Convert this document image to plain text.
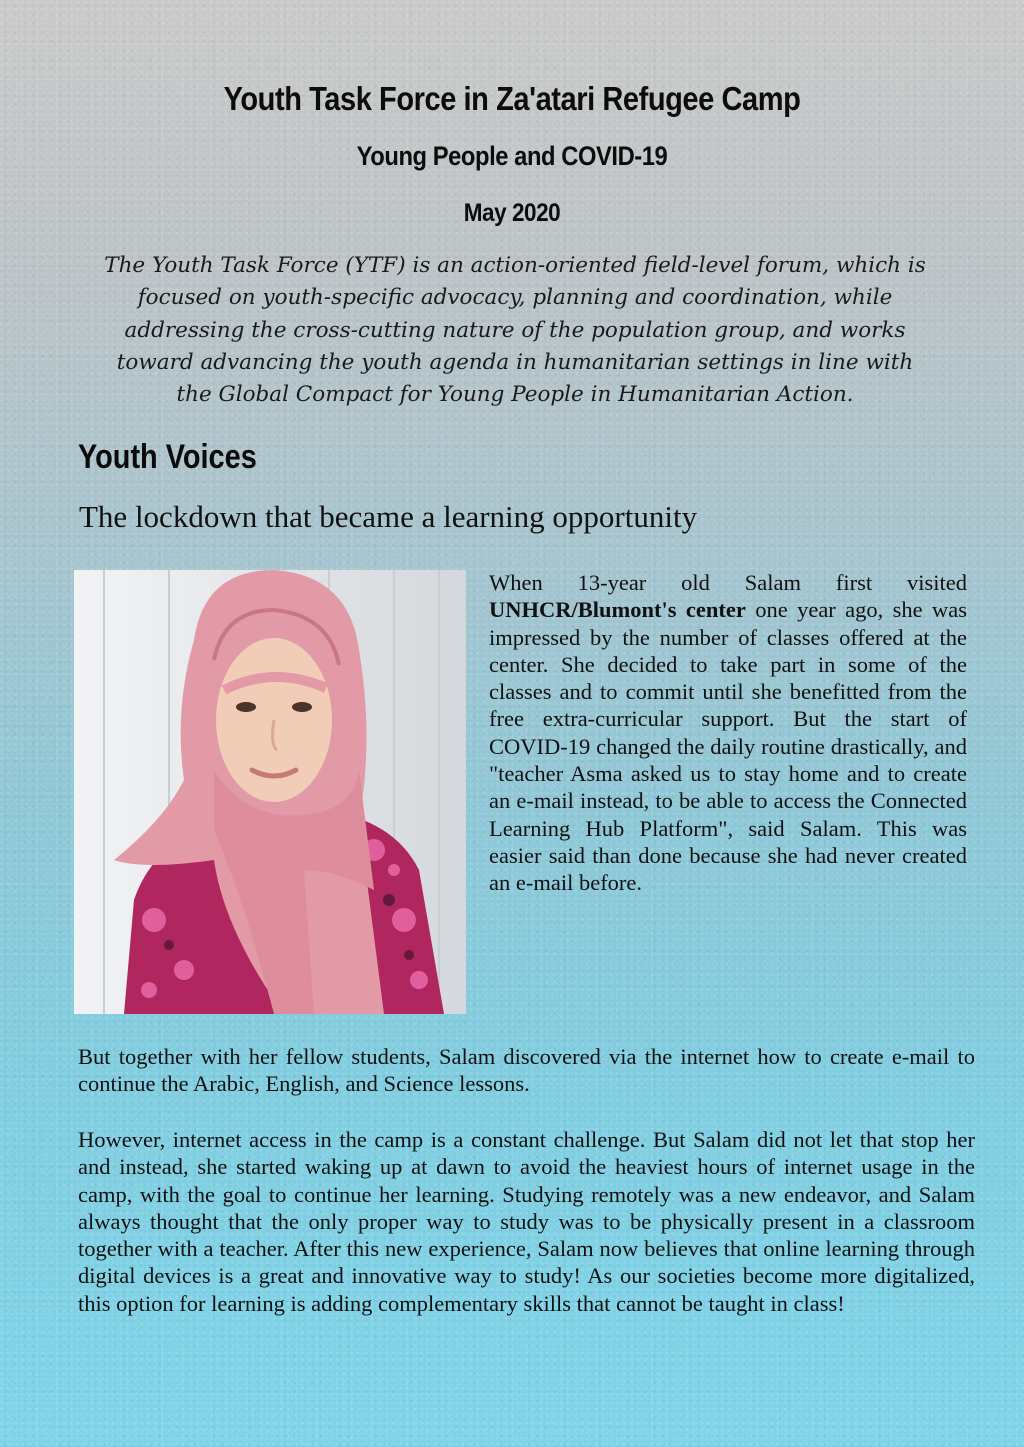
Youth Task Force in Za'atari Refugee Camp
Young People and COVID-19
May 2020
The Youth Task Force (YTF) is an action-oriented field-level forum, which is focused on youth-specific advocacy, planning and coordination, while addressing the cross-cutting nature of the population group, and works toward advancing the youth agenda in humanitarian settings in line with the Global Compact for Young People in Humanitarian Action.
Youth Voices
The lockdown that became a learning opportunity
When 13-year old Salam first visited UNHCR/Blumont's center one year ago, she was impressed by the number of classes offered at the center. She decided to take part in some of the classes and to commit until she benefitted from the free extra-curricular support. But the start of COVID-19 changed the daily routine drastically, and "teacher Asma asked us to stay home and to create an e-mail instead, to be able to access the Connected Learning Hub Platform", said Salam. This was easier said than done because she had never created an e-mail before.
But together with her fellow students, Salam discovered via the internet how to create e-mail to continue the Arabic, English, and Science lessons.
However, internet access in the camp is a constant challenge. But Salam did not let that stop her and instead, she started waking up at dawn to avoid the heaviest hours of internet usage in the camp, with the goal to continue her learning. Studying remotely was a new endeavor, and Salam always thought that the only proper way to study was to be physically present in a classroom together with a teacher. After this new experience, Salam now believes that online learning through digital devices is a great and innovative way to study! As our societies become more digitalized, this option for learning is adding complementary skills that cannot be taught in class!
